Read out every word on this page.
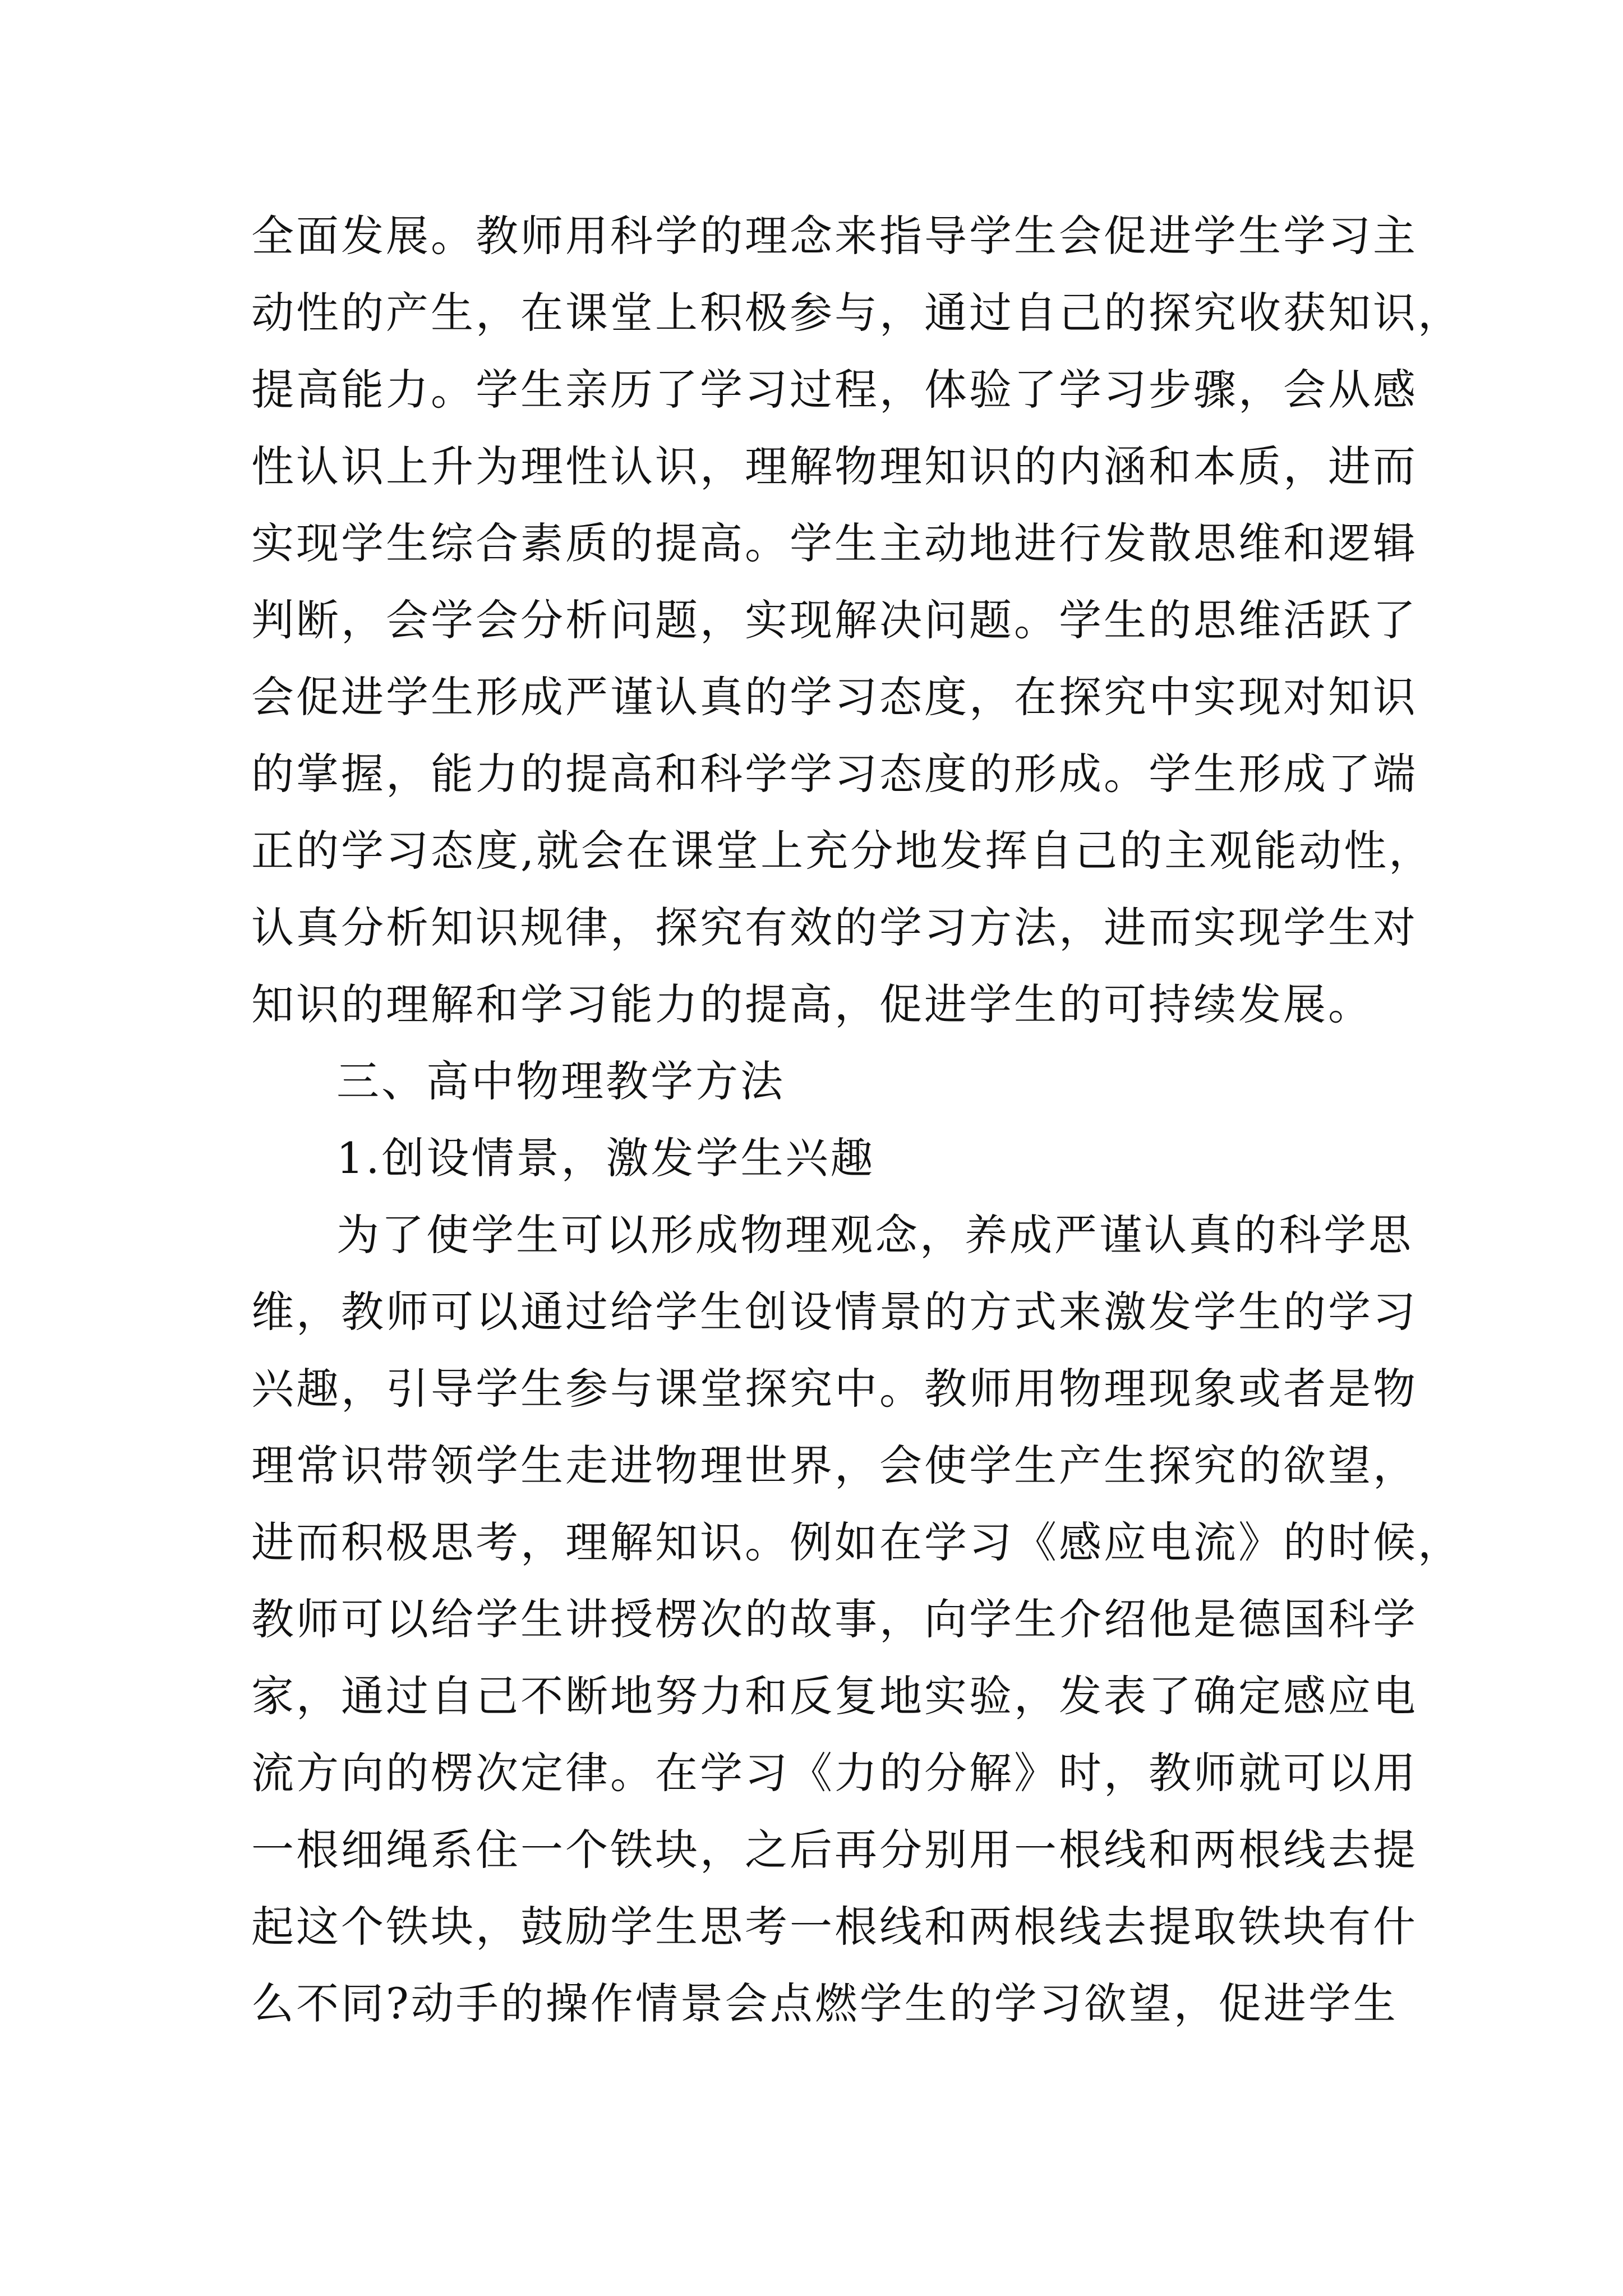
全面发展。教师用科学的理念来指导学生会促进学生学习主
动性的产生，在课堂上积极参与，通过自己的探究收获知识，
提高能力。学生亲历了学习过程，体验了学习步骤，会从感
性认识上升为理性认识，理解物理知识的内涵和本质，进而
实现学生综合素质的提高。学生主动地进行发散思维和逻辑
判断，会学会分析问题，实现解决问题。学生的思维活跃了
会促进学生形成严谨认真的学习态度，在探究中实现对知识
的掌握，能力的提高和科学学习态度的形成。学生形成了端
正的学习态度,就会在课堂上充分地发挥自己的主观能动性，
认真分析知识规律，探究有效的学习方法，进而实现学生对
知识的理解和学习能力的提高，促进学生的可持续发展。
三、高中物理教学方法
1.创设情景，激发学生兴趣
为了使学生可以形成物理观念，养成严谨认真的科学思
维，教师可以通过给学生创设情景的方式来激发学生的学习
兴趣，引导学生参与课堂探究中。教师用物理现象或者是物
理常识带领学生走进物理世界，会使学生产生探究的欲望，
进而积极思考，理解知识。例如在学习《感应电流》的时候，
教师可以给学生讲授楞次的故事，向学生介绍他是德国科学
家，通过自己不断地努力和反复地实验，发表了确定感应电
流方向的楞次定律。在学习《力的分解》时，教师就可以用
一根细绳系住一个铁块，之后再分别用一根线和两根线去提
起这个铁块，鼓励学生思考一根线和两根线去提取铁块有什
么不同?动手的操作情景会点燃学生的学习欲望，促进学生
